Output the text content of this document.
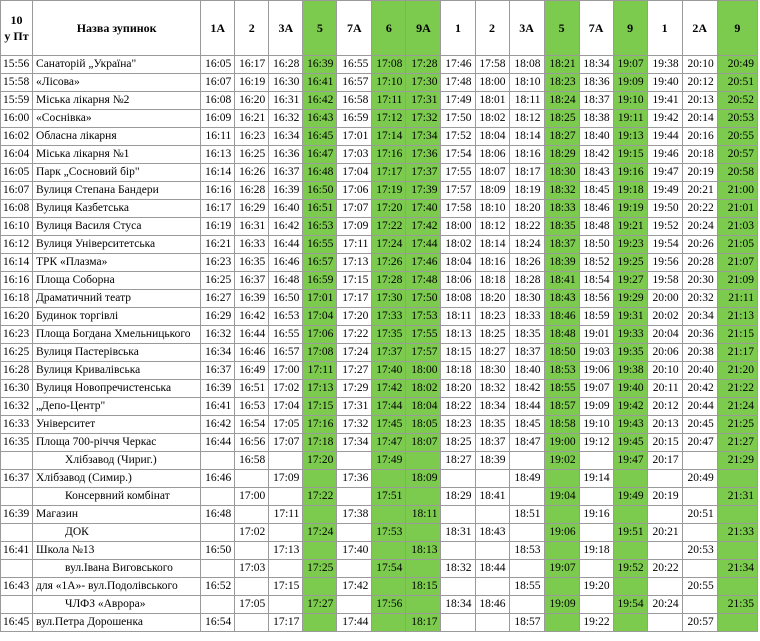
10
у Пт	Назва зупинок	1А	2	3А	5	7А	6	9А	1	2	3А	5	7А	9	1	2А	9
15:56	Санаторій „Україна"	16:05	16:17	16:28	16:39	16:55	17:08	17:28	17:46	17:58	18:08	18:21	18:34	19:07	19:38	20:10	20:49
15:58	«Лісова»	16:07	16:19	16:30	16:41	16:57	17:10	17:30	17:48	18:00	18:10	18:23	18:36	19:09	19:40	20:12	20:51
15:59	Міська лікарня №2	16:08	16:20	16:31	16:42	16:58	17:11	17:31	17:49	18:01	18:11	18:24	18:37	19:10	19:41	20:13	20:52
16:00	«Соснівка»	16:09	16:21	16:32	16:43	16:59	17:12	17:32	17:50	18:02	18:12	18:25	18:38	19:11	19:42	20:14	20:53
16:02	Обласна лікарня	16:11	16:23	16:34	16:45	17:01	17:14	17:34	17:52	18:04	18:14	18:27	18:40	19:13	19:44	20:16	20:55
16:04	Міська лікарня №1	16:13	16:25	16:36	16:47	17:03	17:16	17:36	17:54	18:06	18:16	18:29	18:42	19:15	19:46	20:18	20:57
16:05	Парк „Сосновий бір"	16:14	16:26	16:37	16:48	17:04	17:17	17:37	17:55	18:07	18:17	18:30	18:43	19:16	19:47	20:19	20:58
16:07	Вулиця Степана Бандери	16:16	16:28	16:39	16:50	17:06	17:19	17:39	17:57	18:09	18:19	18:32	18:45	19:18	19:49	20:21	21:00
16:08	Вулиця Казбетська	16:17	16:29	16:40	16:51	17:07	17:20	17:40	17:58	18:10	18:20	18:33	18:46	19:19	19:50	20:22	21:01
16:10	Вулиця Василя Стуса	16:19	16:31	16:42	16:53	17:09	17:22	17:42	18:00	18:12	18:22	18:35	18:48	19:21	19:52	20:24	21:03
16:12	Вулиця Університетська	16:21	16:33	16:44	16:55	17:11	17:24	17:44	18:02	18:14	18:24	18:37	18:50	19:23	19:54	20:26	21:05
16:14	ТРК «Плазма»	16:23	16:35	16:46	16:57	17:13	17:26	17:46	18:04	18:16	18:26	18:39	18:52	19:25	19:56	20:28	21:07
16:16	Площа Соборна	16:25	16:37	16:48	16:59	17:15	17:28	17:48	18:06	18:18	18:28	18:41	18:54	19:27	19:58	20:30	21:09
16:18	Драматичний театр	16:27	16:39	16:50	17:01	17:17	17:30	17:50	18:08	18:20	18:30	18:43	18:56	19:29	20:00	20:32	21:11
16:20	Будинок торгівлі	16:29	16:42	16:53	17:04	17:20	17:33	17:53	18:11	18:23	18:33	18:46	18:59	19:31	20:02	20:34	21:13
16:23	Площа Богдана Хмельницького	16:32	16:44	16:55	17:06	17:22	17:35	17:55	18:13	18:25	18:35	18:48	19:01	19:33	20:04	20:36	21:15
16:25	Вулиця Пастерівська	16:34	16:46	16:57	17:08	17:24	17:37	17:57	18:15	18:27	18:37	18:50	19:03	19:35	20:06	20:38	21:17
16:28	Вулиця Кривалівська	16:37	16:49	17:00	17:11	17:27	17:40	18:00	18:18	18:30	18:40	18:53	19:06	19:38	20:10	20:40	21:20
16:30	Вулиця Новопречистенська	16:39	16:51	17:02	17:13	17:29	17:42	18:02	18:20	18:32	18:42	18:55	19:07	19:40	20:11	20:42	21:22
16:32	„Депо-Центр"	16:41	16:53	17:04	17:15	17:31	17:44	18:04	18:22	18:34	18:44	18:57	19:09	19:42	20:12	20:44	21:24
16:33	Університет	16:42	16:54	17:05	17:16	17:32	17:45	18:05	18:23	18:35	18:45	18:58	19:10	19:43	20:13	20:45	21:25
16:35	Площа 700-річчя Черкас	16:44	16:56	17:07	17:18	17:34	17:47	18:07	18:25	18:37	18:47	19:00	19:12	19:45	20:15	20:47	21:27
	Хлібзавод (Чириг.)		16:58		17:20		17:49		18:27	18:39		19:02		19:47	20:17		21:29
16:37	Хлібзавод (Симир.)	16:46		17:09		17:36		18:09			18:49		19:14			20:49	
	Консервний комбінат		17:00		17:22		17:51		18:29	18:41		19:04		19:49	20:19		21:31
16:39	Магазин	16:48		17:11		17:38		18:11			18:51		19:16			20:51	
	ДОК		17:02		17:24		17:53		18:31	18:43		19:06		19:51	20:21		21:33
16:41	Школа №13	16:50		17:13		17:40		18:13			18:53		19:18			20:53	
	вул.Івана Виговського		17:03		17:25		17:54		18:32	18:44		19:07		19:52	20:22		21:34
16:43	для «1А»- вул.Подолівського	16:52		17:15		17:42		18:15			18:55		19:20			20:55	
	ЧЛФЗ «Аврора»		17:05		17:27		17:56		18:34	18:46		19:09		19:54	20:24		21:35
16:45	вул.Петра Дорошенка	16:54		17:17		17:44		18:17			18:57		19:22			20:57	
